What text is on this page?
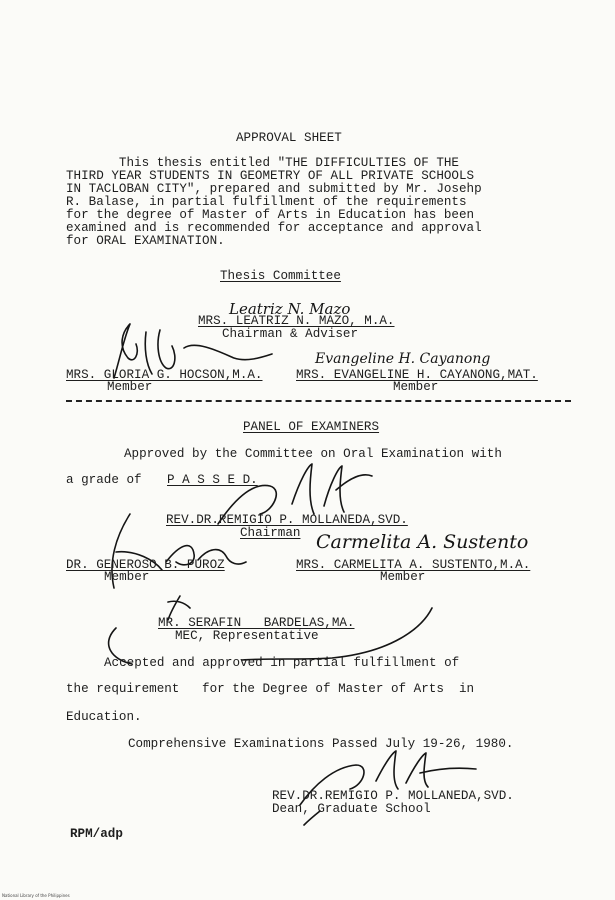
APPROVAL SHEET
This thesis entitled "THE DIFFICULTIES OF THE
THIRD YEAR STUDENTS IN GEOMETRY OF ALL PRIVATE SCHOOLS
IN TACLOBAN CITY", prepared and submitted by Mr. Josehp
R. Balase, in partial fulfillment of the requirements
for the degree of Master of Arts in Education has been
examined and is recommended for acceptance and approval
for ORAL EXAMINATION.
Thesis Committee
Leatriz N. Mazo
MRS. LEATRIZ N. MAZO, M.A.
Chairman & Adviser
Evangeline H. Cayanong
MRS. GLORIA G. HOCSON,M.A.	MRS. EVANGELINE H. CAYANONG,MAT.
Member	Member
PANEL OF EXAMINERS
Approved by the Committee on Oral Examination with
a grade of P A S S E D.
REV.DR.REMIGIO P. MOLLANEDA,SVD.
Chairman Carmelita A. Sustento
DR. GENEROSO B. PUROZ	MRS. CARMELITA A. SUSTENTO,M.A.
Member	Member
MR. SERAFIN   BARDELAS,MA.
MEC, Representative
Accepted and approved in partial fulfillment of
the requirement   for the Degree of Master of Arts  in
Education.
Comprehensive Examinations Passed July 19-26, 1980.
REV.DR.REMIGIO P. MOLLANEDA,SVD.
Dean, Graduate School
RPM/adp
National Library of the Philippines
